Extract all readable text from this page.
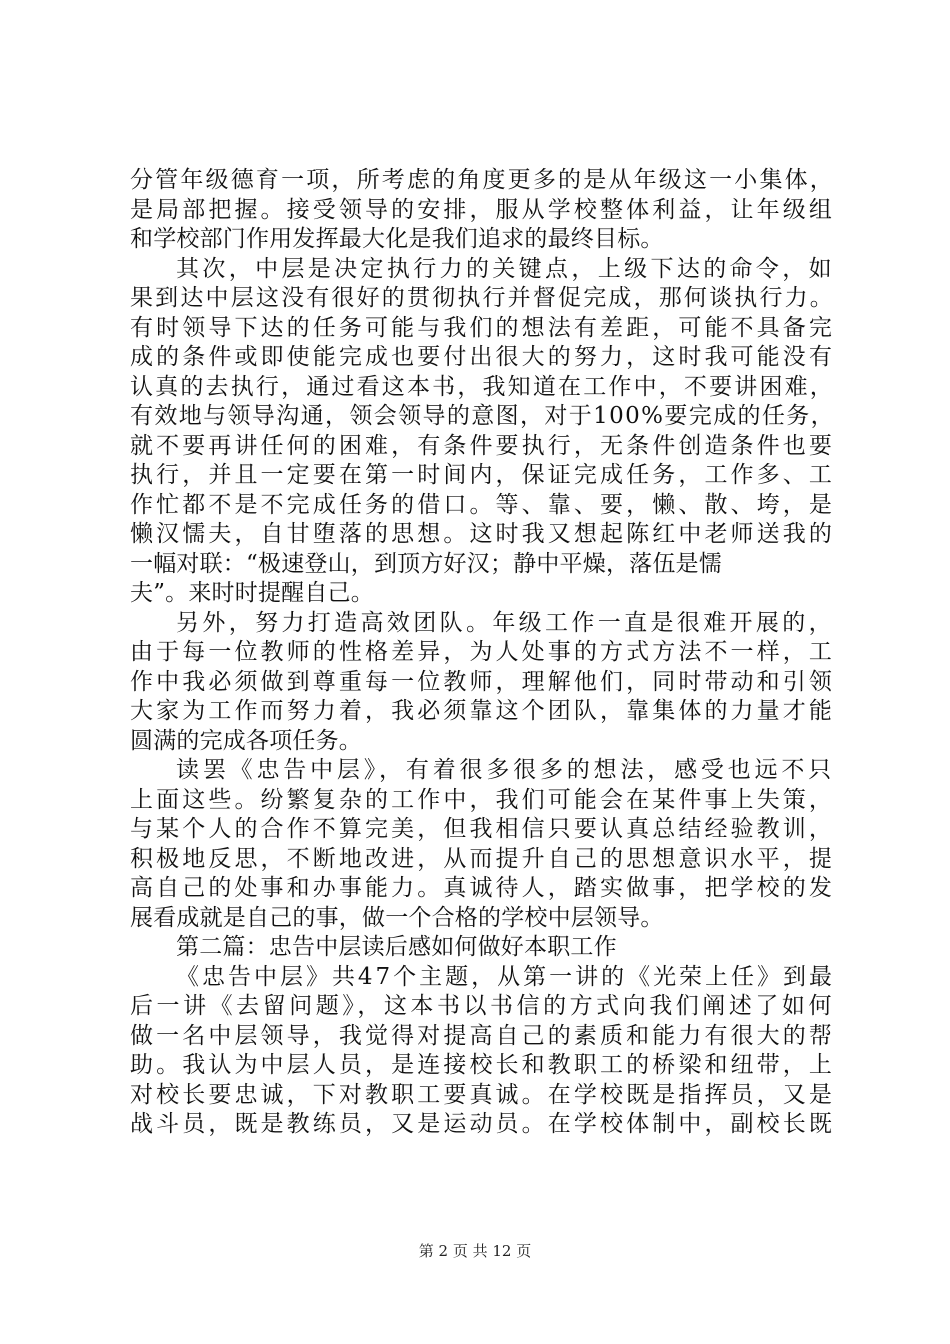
分管年级德育一项，所考虑的角度更多的是从年级这一小集体，
是局部把握。接受领导的安排，服从学校整体利益，让年级组
和学校部门作用发挥最大化是我们追求的最终目标。
其次，中层是决定执行力的关键点，上级下达的命令，如
果到达中层这没有很好的贯彻执行并督促完成，那何谈执行力。
有时领导下达的任务可能与我们的想法有差距，可能不具备完
成的条件或即使能完成也要付出很大的努力，这时我可能没有
认真的去执行，通过看这本书，我知道在工作中，不要讲困难，
有效地与领导沟通，领会领导的意图，对于100%要完成的任务，
就不要再讲任何的困难，有条件要执行，无条件创造条件也要
执行，并且一定要在第一时间内，保证完成任务，工作多、工
作忙都不是不完成任务的借口。等、靠、要，懒、散、垮，是
懒汉懦夫，自甘堕落的思想。这时我又想起陈红中老师送我的
一幅对联：“极速登山，到顶方好汉；静中平燥，落伍是懦
夫”。来时时提醒自己。
另外，努力打造高效团队。年级工作一直是很难开展的，
由于每一位教师的性格差异，为人处事的方式方法不一样，工
作中我必须做到尊重每一位教师，理解他们，同时带动和引领
大家为工作而努力着，我必须靠这个团队，靠集体的力量才能
圆满的完成各项任务。
读罢《忠告中层》，有着很多很多的想法，感受也远不只
上面这些。纷繁复杂的工作中，我们可能会在某件事上失策，
与某个人的合作不算完美，但我相信只要认真总结经验教训，
积极地反思，不断地改进，从而提升自己的思想意识水平，提
高自己的处事和办事能力。真诚待人，踏实做事，把学校的发
展看成就是自己的事，做一个合格的学校中层领导。
第二篇：忠告中层读后感如何做好本职工作
《忠告中层》共47个主题，从第一讲的《光荣上任》到最
后一讲《去留问题》，这本书以书信的方式向我们阐述了如何
做一名中层领导，我觉得对提高自己的素质和能力有很大的帮
助。我认为中层人员，是连接校长和教职工的桥梁和纽带，上
对校长要忠诚，下对教职工要真诚。在学校既是指挥员，又是
战斗员，既是教练员，又是运动员。在学校体制中，副校长既
第 2 页 共 12 页
